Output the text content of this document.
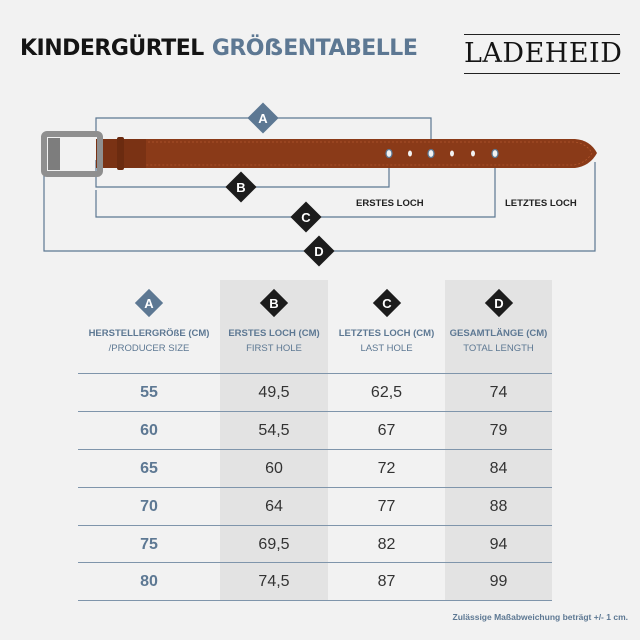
KINDERGÜRTEL GRÖẞENTABELLE LADEHEID
A
B
C
D
ERSTES LOCH	LETZTES LOCH
A
HERSTELLERGRÖßE (CM)
/PRODUCER SIZE
B
ERSTES LOCH (CM)
FIRST HOLE
C
LETZTES LOCH (CM)
LAST HOLE
D
GESAMTLÄNGE (CM)
TOTAL LENGTH
55	49,5	62,5	74
60	54,5	67	79
65	60	72	84
70	64	77	88
75	69,5	82	94
80	74,5	87	99
Zulässige Maßabweichung beträgt +/- 1 cm.
